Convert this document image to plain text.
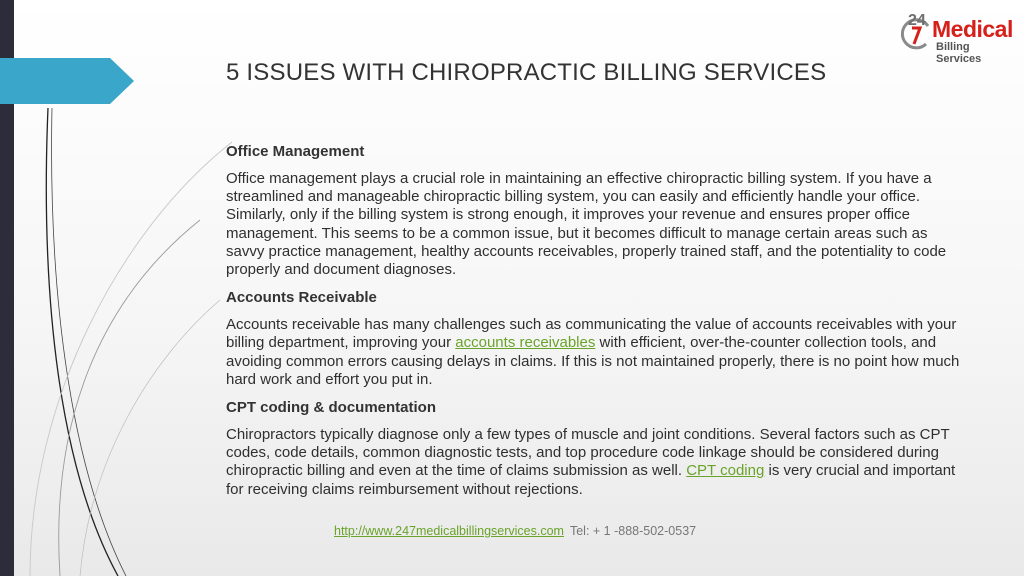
24 Medical
Billing Services
5 ISSUES WITH CHIROPRACTIC BILLING SERVICES
Office Management

Office management plays a crucial role in maintaining an effective chiropractic billing system. If you have a streamlined and manageable chiropractic billing system, you can easily and efficiently handle your office. Similarly, only if the billing system is strong enough, it improves your revenue and ensures proper office management. This seems to be a common issue, but it becomes difficult to manage certain areas such as savvy practice management, healthy accounts receivables, properly trained staff, and the potentiality to code properly and document diagnoses.

Accounts Receivable

Accounts receivable has many challenges such as communicating the value of accounts receivables with your billing department, improving your accounts receivables with efficient, over-the-counter collection tools, and avoiding common errors causing delays in claims. If this is not maintained properly, there is no point how much hard work and effort you put in.

CPT coding & documentation

Chiropractors typically diagnose only a few types of muscle and joint conditions. Several factors such as CPT codes, code details, common diagnostic tests, and top procedure code linkage should be considered during chiropractic billing and even at the time of claims submission as well. CPT coding is very crucial and important for receiving claims reimbursement without rejections.

http://www.247medicalbillingservices.com Tel: + 1 -888-502-0537
